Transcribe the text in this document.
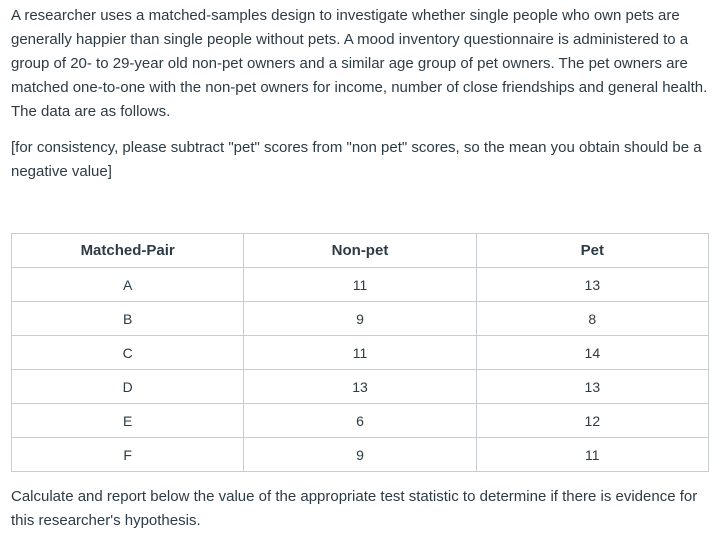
A researcher uses a matched-samples design to investigate whether single people who own pets are generally happier than single people without pets. A mood inventory questionnaire is administered to a group of 20- to 29-year old non-pet owners and a similar age group of pet owners. The pet owners are matched one-to-one with the non-pet owners for income, number of close friendships and general health. The data are as follows.

[for consistency, please subtract "pet" scores from "non pet" scores, so the mean you obtain should be a negative value]

Matched-Pair	Non-pet	Pet
A	11	13
B	9	8
C	11	14
D	13	13
E	6	12
F	9	11

Calculate and report below the value of the appropriate test statistic to determine if there is evidence for this researcher's hypothesis.
